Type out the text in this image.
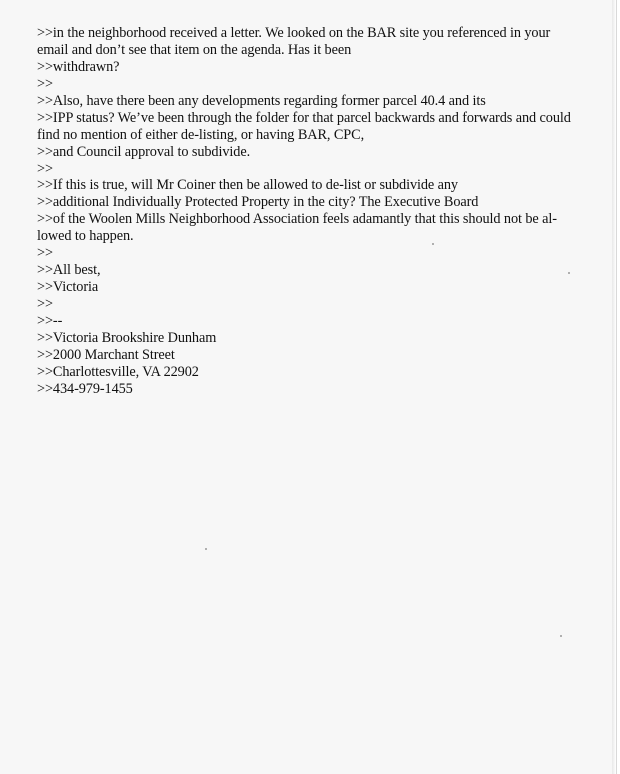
>>in the neighborhood received a letter. We looked on the BAR site you referenced in your
email and don’t see that item on the agenda. Has it been
>>withdrawn?
>>
>>Also, have there been any developments regarding former parcel 40.4 and its
>>IPP status? We’ve been through the folder for that parcel backwards and forwards and could
find no mention of either de-listing, or having BAR, CPC,
>>and Council approval to subdivide.
>>
>>If this is true, will Mr Coiner then be allowed to de-list or subdivide any
>>additional Individually Protected Property in the city? The Executive Board
>>of the Woolen Mills Neighborhood Association feels adamantly that this should not be al-
lowed to happen.
>>
>>All best,
>>Victoria
>>
>>--
>>Victoria Brookshire Dunham
>>2000 Marchant Street
>>Charlottesville, VA 22902
>>434-979-1455
